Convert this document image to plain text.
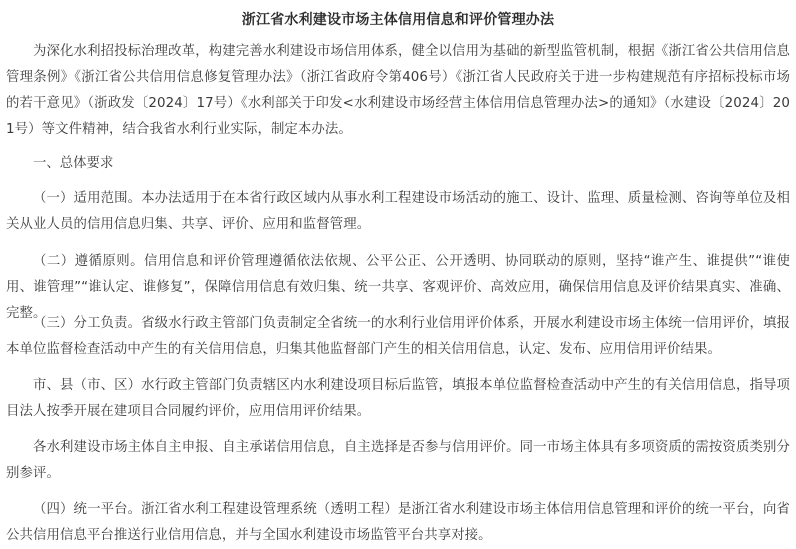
浙江省水利建设市场主体信用信息和评价管理办法
为深化水利招投标治理改革，构建完善水利建设市场信用体系，健全以信用为基础的新型监管机制，根据《浙江省公共信用信息管理条例》《浙江省公共信用信息修复管理办法》（浙江省政府令第406号）《浙江省人民政府关于进一步构建规范有序招标投标市场的若干意见》（浙政发〔2024〕17号）《水利部关于印发<水利建设市场经营主体信用信息管理办法>的通知》（水建设〔2024〕201号）等文件精神，结合我省水利行业实际，制定本办法。
一、总体要求
（一）适用范围。本办法适用于在本省行政区域内从事水利工程建设市场活动的施工、设计、监理、质量检测、咨询等单位及相关从业人员的信用信息归集、共享、评价、应用和监督管理。
（二）遵循原则。信用信息和评价管理遵循依法依规、公平公正、公开透明、协同联动的原则，坚持“谁产生、谁提供”“谁使用、谁管理”“谁认定、谁修复”，保障信用信息有效归集、统一共享、客观评价、高效应用，确保信用信息及评价结果真实、准确、完整。
（三）分工负责。省级水行政主管部门负责制定全省统一的水利行业信用评价体系，开展水利建设市场主体统一信用评价，填报本单位监督检查活动中产生的有关信用信息，归集其他监督部门产生的相关信用信息，认定、发布、应用信用评价结果。
市、县（市、区）水行政主管部门负责辖区内水利建设项目标后监管，填报本单位监督检查活动中产生的有关信用信息，指导项目法人按季开展在建项目合同履约评价，应用信用评价结果。
各水利建设市场主体自主申报、自主承诺信用信息，自主选择是否参与信用评价。同一市场主体具有多项资质的需按资质类别分别参评。
（四）统一平台。浙江省水利工程建设管理系统（透明工程）是浙江省水利建设市场主体信用信息管理和评价的统一平台，向省公共信用信息平台推送行业信用信息，并与全国水利建设市场监管平台共享对接。
